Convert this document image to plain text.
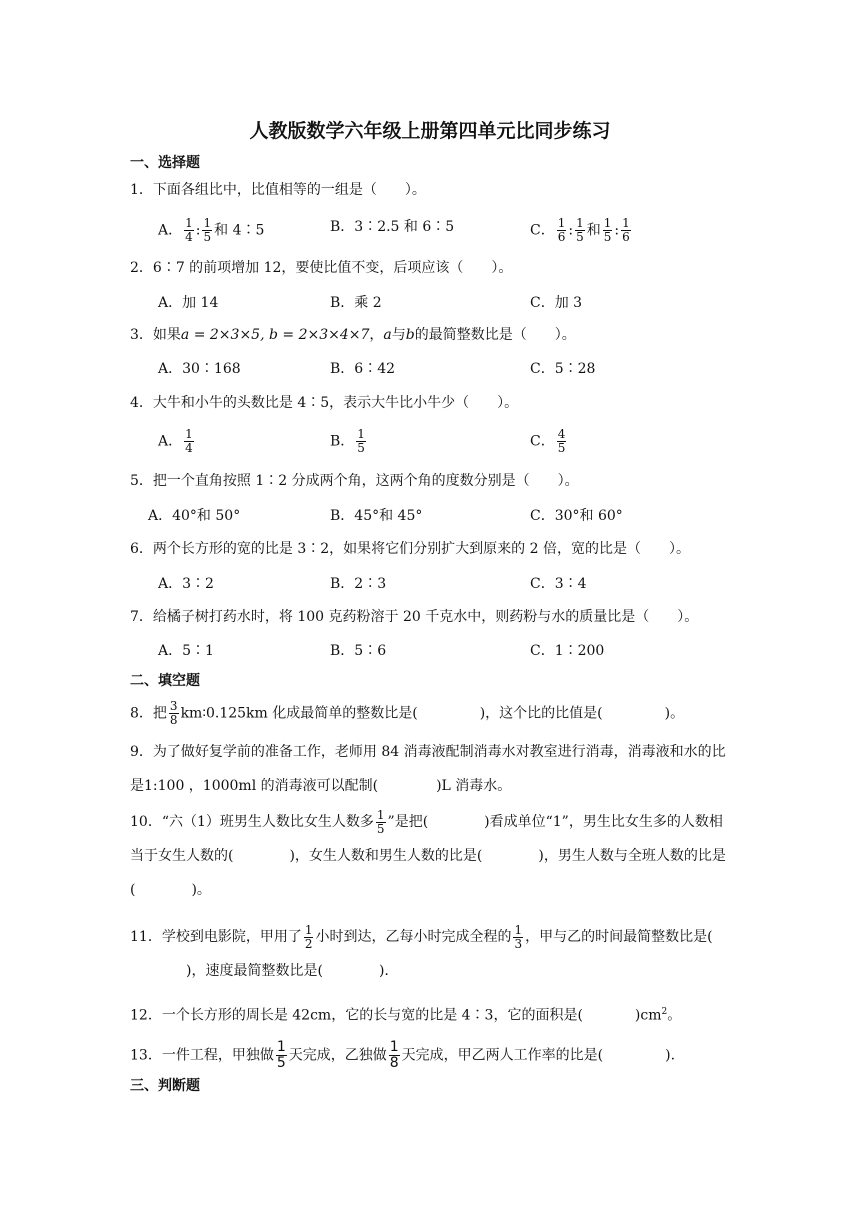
人教版数学六年级上册第四单元比同步练习
一、选择题
1．下面各组比中，比值相等的一组是（　　）。
A． $\frac{1}{4}$ : $\frac{1}{5}$ 和 4∶5	B．3∶2.5 和 6∶5	C． $\frac{1}{6}$ : $\frac{1}{5}$ 和 $\frac{1}{5}$ : $\frac{1}{6}$
2．6∶7 的前项增加 12，要使比值不变，后项应该（　　）。
A．加 14	B．乘 2	C．加 3
3．如果a = 2×3×5, b = 2×3×4×7，a与b的最简整数比是（　　）。
A．30∶168	B．6∶42	C．5∶28
4．大牛和小牛的头数比是 4∶5，表示大牛比小牛少（　　）。
A． $\frac{1}{4}$	B． $\frac{1}{5}$	C． $\frac{4}{5}$
5．把一个直角按照 1∶2 分成两个角，这两个角的度数分别是（　　）。
A．40°和 50°	B．45°和 45°	C．30°和 60°
6．两个长方形的宽的比是 3∶2，如果将它们分别扩大到原来的 2 倍，宽的比是（　　）。
A．3∶2	B．2∶3	C．3∶4
7．给橘子树打药水时，将 100 克药粉溶于 20 千克水中，则药粉与水的质量比是（　　）。
A．5∶1	B．5∶6	C．1∶200
二、填空题
8．把 $\frac{3}{8}$ km∶0.125km 化成最简单的整数比是(	)，这个比的比值是(	)。
9．为了做好复学前的准备工作，老师用 84 消毒液配制消毒水对教室进行消毒，消毒液和水的比是1:100 ，1000ml 的消毒液可以配制(	)L 消毒水。
10．“六（1）班男生人数比女生人数多 $\frac{1}{5}$ ”是把(	)看成单位“1”，男生比女生多的人数相当于女生人数的(	)，女生人数和男生人数的比是(	)，男生人数与全班人数的比是(	)。
11．学校到电影院，甲用了 $\frac{1}{2}$ 小时到达，乙每小时完成全程的 $\frac{1}{3}$ ，甲与乙的时间最简整数比是()，速度最简整数比是(	).
12．一个长方形的周长是 42cm，它的长与宽的比是 4∶3，它的面积是(	)$cm^2$。
13．一件工程，甲独做 $\frac{1}{5}$ 天完成，乙独做 $\frac{1}{8}$ 天完成，甲乙两人工作率的比是(	).
三、判断题
